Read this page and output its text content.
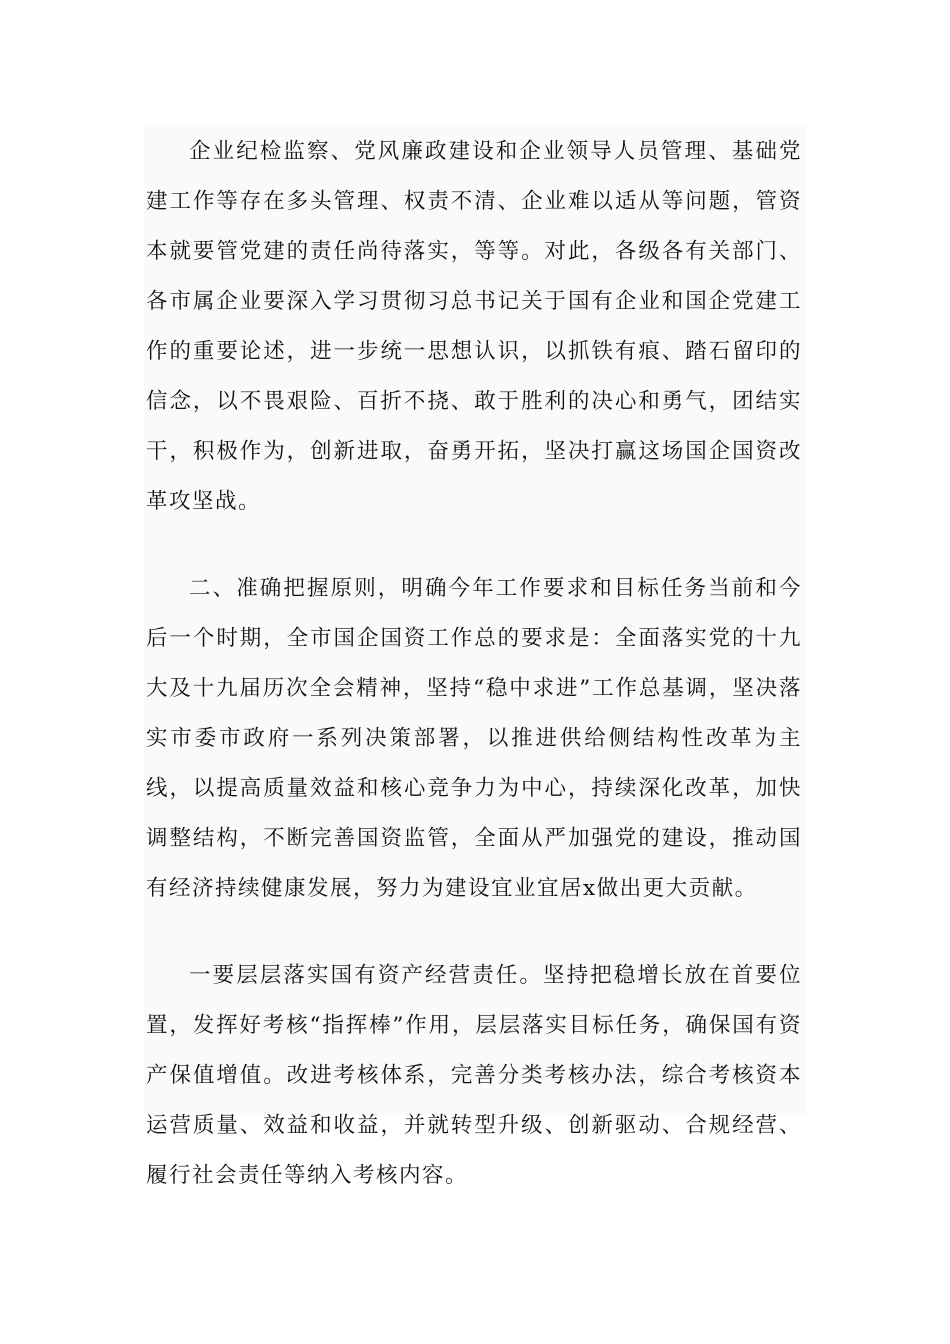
企业纪检监察、党风廉政建设和企业领导人员管理、基础党建工作等存在多头管理、权责不清、企业难以适从等问题，管资本就要管党建的责任尚待落实，等等。对此，各级各有关部门、各市属企业要深入学习贯彻习总书记关于国有企业和国企党建工作的重要论述，进一步统一思想认识，以抓铁有痕、踏石留印的信念，以不畏艰险、百折不挠、敢于胜利的决心和勇气，团结实干，积极作为，创新进取，奋勇开拓，坚决打赢这场国企国资改革攻坚战。

二、准确把握原则，明确今年工作要求和目标任务当前和今后一个时期，全市国企国资工作总的要求是：全面落实党的十九大及十九届历次全会精神，坚持“稳中求进”工作总基调，坚决落实市委市政府一系列决策部署，以推进供给侧结构性改革为主线，以提高质量效益和核心竞争力为中心，持续深化改革，加快调整结构，不断完善国资监管，全面从严加强党的建设，推动国有经济持续健康发展，努力为建设宜业宜居x做出更大贡献。

一要层层落实国有资产经营责任。坚持把稳增长放在首要位置，发挥好考核“指挥棒”作用，层层落实目标任务，确保国有资产保值增值。改进考核体系，完善分类考核办法，综合考核资本运营质量、效益和收益，并就转型升级、创新驱动、合规经营、履行社会责任等纳入考核内容。
